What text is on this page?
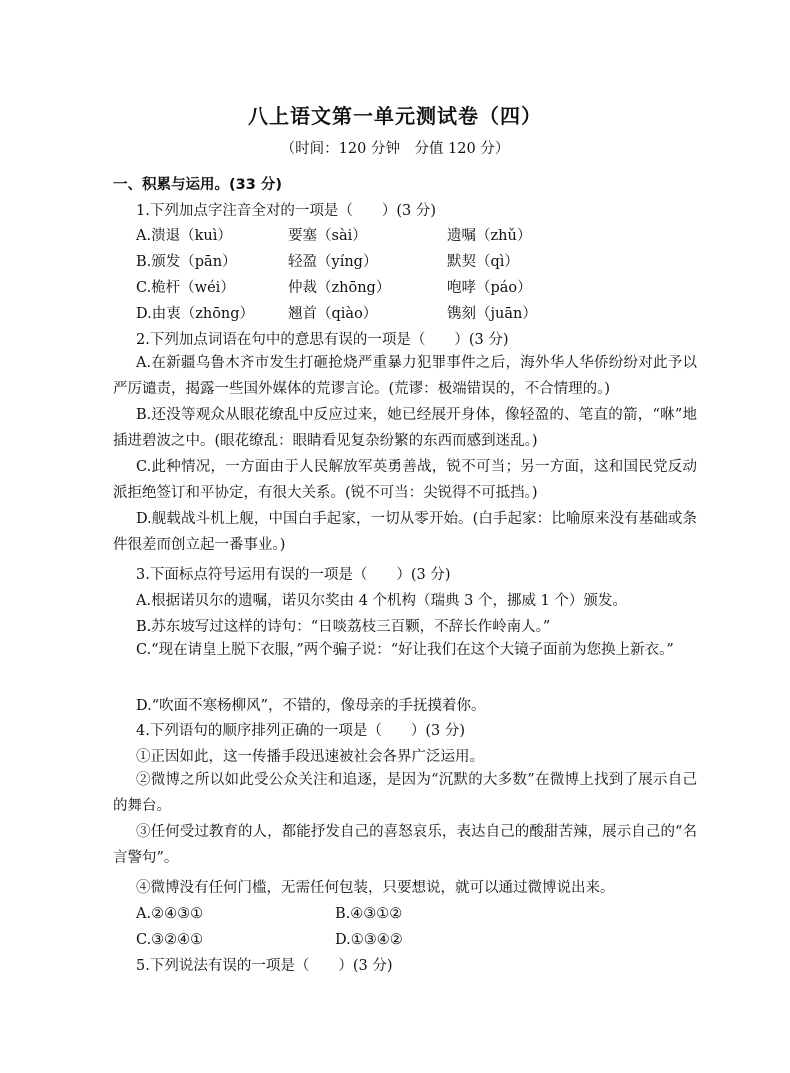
八上语文第一单元测试卷（四）
（时间：120 分钟　分值 120 分）
一、积累与运用。(33 分)
1.下列加点字注音全对的一项是（　　）(3 分)
A.溃退（kuì）	要塞（sài）	遗嘱（zhǔ）
B.颁发（pān）	轻盈（yíng）	默契（qì）
C.桅杆（wéi）	仲裁（zhōng）	咆哮（páo）
D.由衷（zhōng） 翘首（qiào）	镌刻（juān）
2.下列加点词语在句中的意思有误的一项是（　　）(3 分)
A.在新疆乌鲁木齐市发生打砸抢烧严重暴力犯罪事件之后，海外华人华侨纷纷对此予以严厉谴责，揭露一些国外媒体的荒谬言论。(荒谬：极端错误的，不合情理的。)
B.还没等观众从眼花缭乱中反应过来，她已经展开身体，像轻盈的、笔直的箭，“咻”地插进碧波之中。(眼花缭乱：眼睛看见复杂纷繁的东西而感到迷乱。)
C.此种情况，一方面由于人民解放军英勇善战，锐不可当；另一方面，这和国民党反动派拒绝签订和平协定，有很大关系。(锐不可当：尖锐得不可抵挡。)
D.舰载战斗机上舰，中国白手起家，一切从零开始。(白手起家：比喻原来没有基础或条件很差而创立起一番事业。)
3.下面标点符号运用有误的一项是（　　）(3 分)
A.根据诺贝尔的遗嘱，诺贝尔奖由 4 个机构（瑞典 3 个，挪威 1 个）颁发。
B.苏东坡写过这样的诗句：“日啖荔枝三百颗，不辞长作岭南人。”
C.“现在请皇上脱下衣服，”两个骗子说：“好让我们在这个大镜子面前为您换上新衣。”
D.“吹面不寒杨柳风”，不错的，像母亲的手抚摸着你。
4.下列语句的顺序排列正确的一项是（　　）(3 分)
①正因如此，这一传播手段迅速被社会各界广泛运用。
②微博之所以如此受公众关注和追逐，是因为“沉默的大多数”在微博上找到了展示自己的舞台。
③任何受过教育的人，都能抒发自己的喜怒哀乐，表达自己的酸甜苦辣，展示自己的“名言警句”。
④微博没有任何门槛，无需任何包装，只要想说，就可以通过微博说出来。
A.②④③①	B.④③①②
C.③②④①	D.①③④②
5.下列说法有误的一项是（　　）(3 分)
